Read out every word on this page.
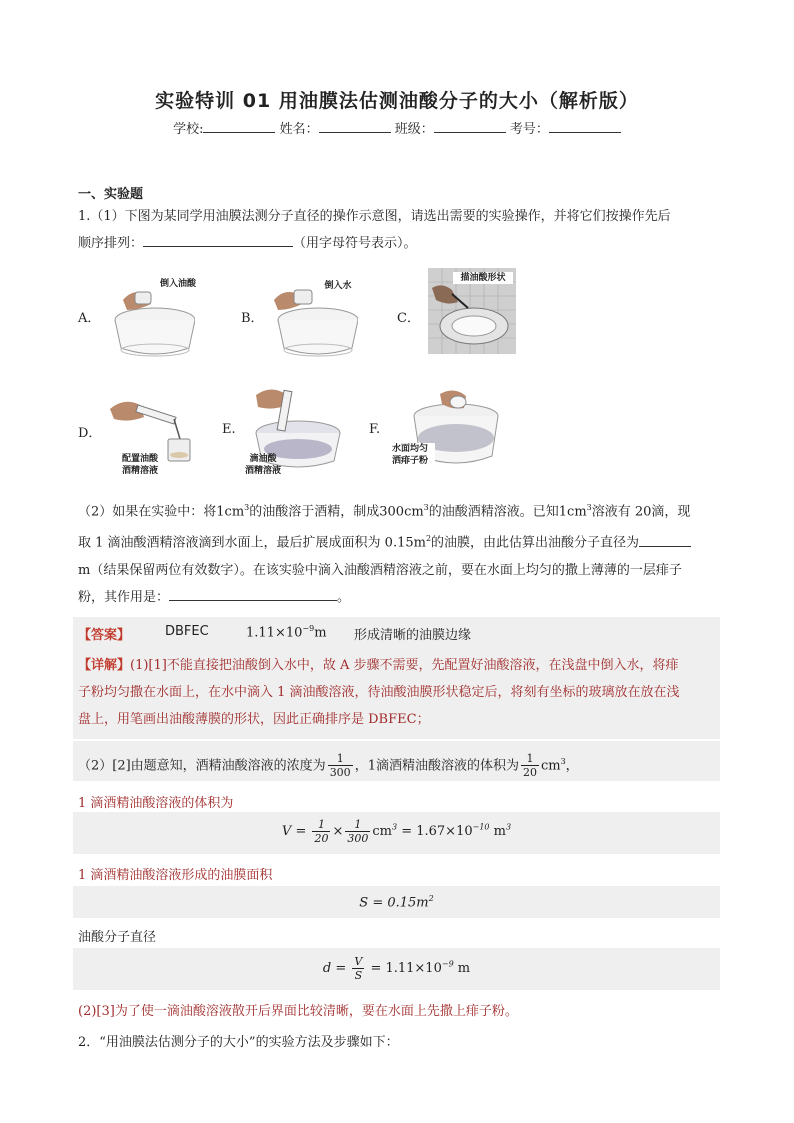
实验特训 01 用油膜法估测油酸分子的大小（解析版）
学校:	姓名：	班级：	考号：
一、实验题
1.（1）下图为某同学用油膜法测分子直径的操作示意图，请选出需要的实验操作，并将它们按操作先后
顺序排列：	（用字母符号表示）。
A．
倒入油酸
B．
倒入水
C．
描油酸形状
D．
配置油酸
酒精溶液
E.
滴油酸
酒精溶液
F.
水面均匀
洒痱子粉
（2）如果在实验中：将$1cm^3$的油酸溶于酒精，制成$300cm^3$的油酸酒精溶液。已知$1cm^3$溶液有 20滴，现
取 1 滴油酸酒精溶液滴到水面上，最后扩展成面积为 $0.15m^2$的油膜，由此估算出油酸分子直径为
m（结果保留两位有效数字）。在该实验中滴入油酸酒精溶液之前，要在水面上均匀的撒上薄薄的一层痱子
粉，其作用是：	。
【答案】	DBFEC	$1.11\times 10^{-9}m$ 形成清晰的油膜边缘
【详解】(1)[1]不能直接把油酸倒入水中，故 A 步骤不需要，先配置好油酸溶液，在浅盘中倒入水，将痱
子粉均匀撒在水面上，在水中滴入 1 滴油酸溶液，待油酸油膜形状稳定后，将刻有坐标的玻璃放在放在浅
盘上，用笔画出油酸薄膜的形状，因此正确排序是 DBFEC；
（2）[2]由题意知，酒精油酸溶液的浓度为 $\frac{1}{300}$ ，1滴酒精油酸溶液的体积为 $\frac{1}{20} cm^3$，
1 滴酒精油酸溶液的体积为
$V = \frac{1}{20} \times \frac{1}{300} cm^3 = 1.67\times 10^{-10}$ $m^3$
1 滴酒精油酸溶液形成的油膜面积
$S = 0.15m^2$
油酸分子直径
$d = \frac{V}{S} = 1.11\times 10^{-9}$ m
(2)[3]为了使一滴油酸溶液散开后界面比较清晰，要在水面上先撒上痱子粉。
2．“用油膜法估测分子的大小”的实验方法及步骤如下：
